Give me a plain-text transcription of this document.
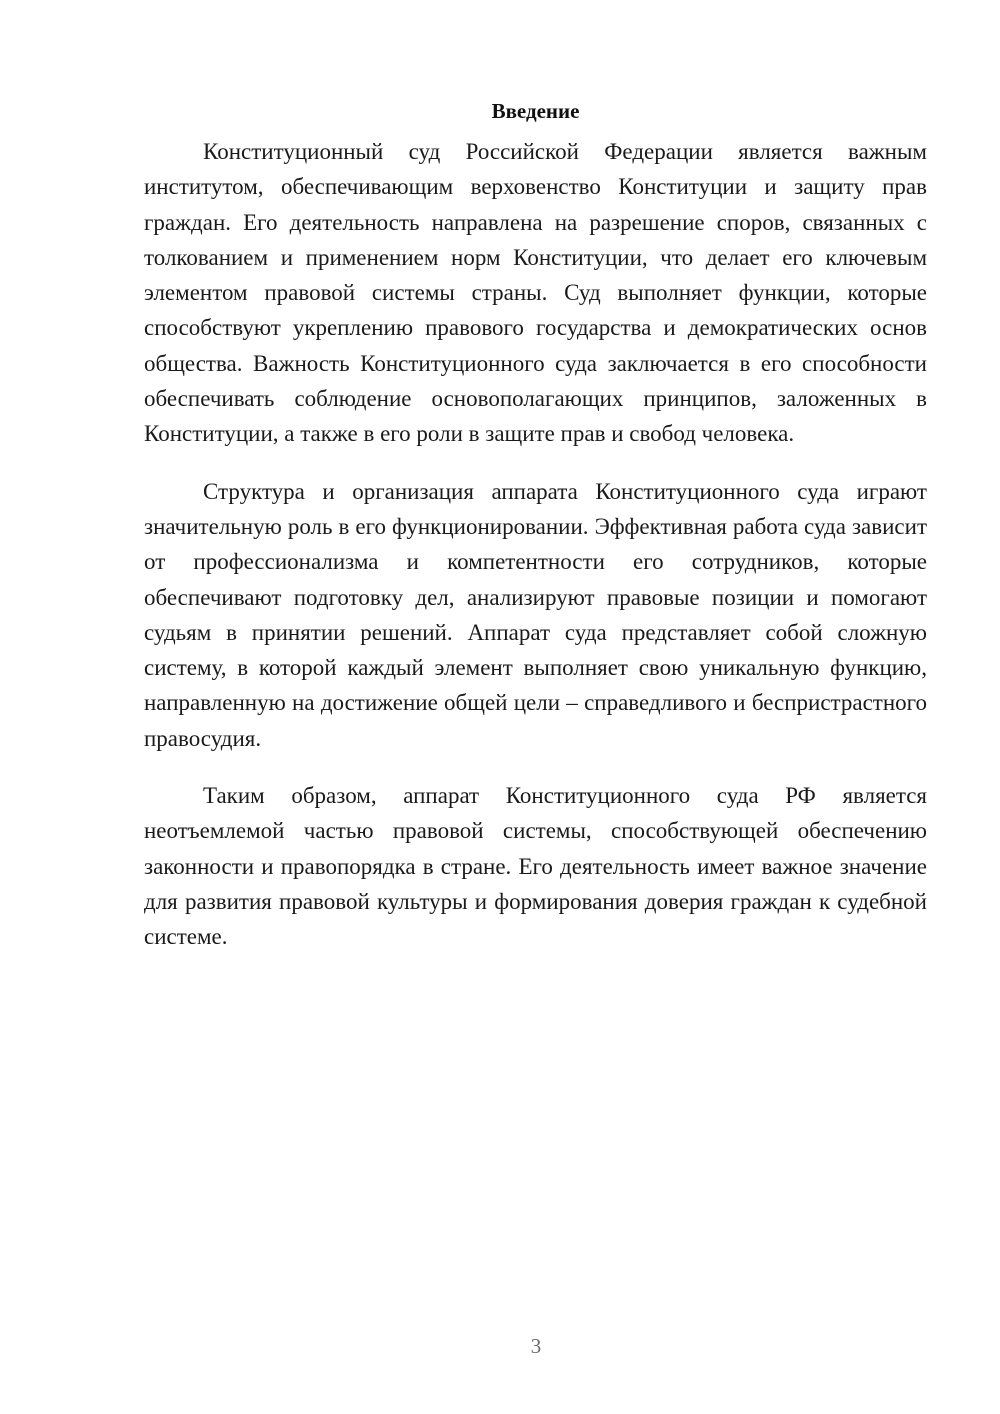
Введение

Конституционный суд Российской Федерации является важным институтом, обеспечивающим верховенство Конституции и защиту прав граждан. Его деятельность направлена на разрешение споров, связанных с толкованием и применением норм Конституции, что делает его ключевым элементом правовой системы страны. Суд выполняет функции, которые способствуют укреплению правового государства и демократических основ общества. Важность Конституционного суда заключается в его способности обеспечивать соблюдение основополагающих принципов, заложенных в Конституции, а также в его роли в защите прав и свобод человека.

Структура и организация аппарата Конституционного суда играют значительную роль в его функционировании. Эффективная работа суда зависит от профессионализма и компетентности его сотрудников, которые обеспечивают подготовку дел, анализируют правовые позиции и помогают судьям в принятии решений. Аппарат суда представляет собой сложную систему, в которой каждый элемент выполняет свою уникальную функцию, направленную на достижение общей цели – справедливого и беспристрастного правосудия.

Таким образом, аппарат Конституционного суда РФ является неотъемлемой частью правовой системы, способствующей обеспечению законности и правопорядка в стране. Его деятельность имеет важное значение для развития правовой культуры и формирования доверия граждан к судебной системе.

3
